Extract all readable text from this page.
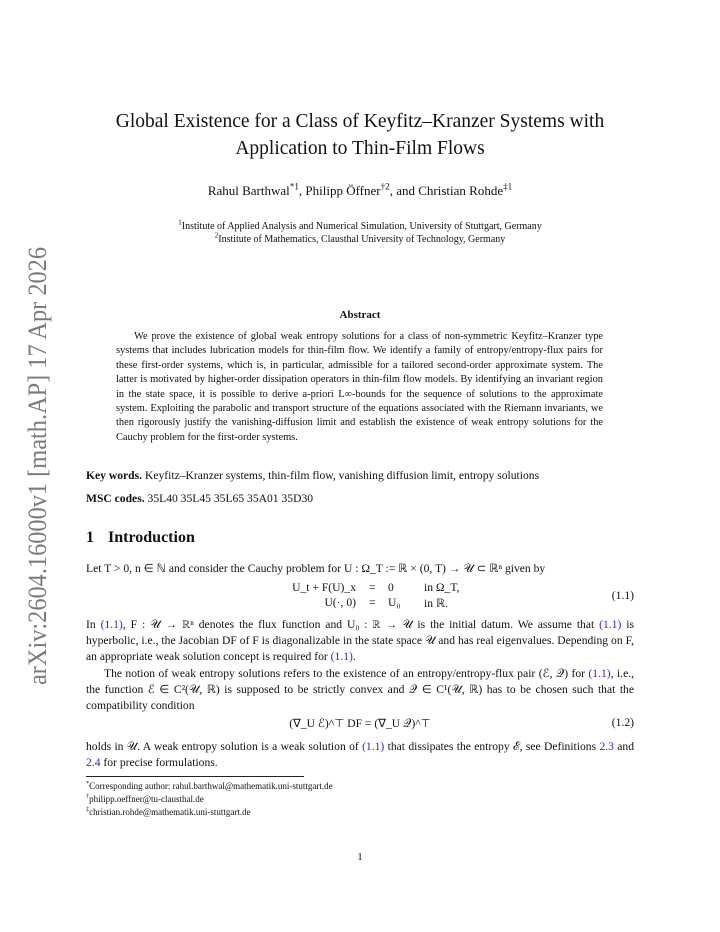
arXiv:2604.16000v1 [math.AP] 17 Apr 2026
Global Existence for a Class of Keyfitz–Kranzer Systems with
Application to Thin-Film Flows
Rahul Barthwal$^{*1}$, Philipp Öffner$^{\dagger 2}$, and Christian Rohde$^{\ddagger 1}$
$^1$Institute of Applied Analysis and Numerical Simulation, University of Stuttgart, Germany
$^2$Institute of Mathematics, Clausthal University of Technology, Germany
Abstract

We prove the existence of global weak entropy solutions for a class of non-symmetric Keyfitz–Kranzer type systems that includes lubrication models for thin-film flow. We identify a family of entropy/entropy-flux pairs for these first-order systems, which is, in particular, admissible for a tailored second-order approximate system. The latter is motivated by higher-order dissipation operators in thin-film flow models. By identifying an invariant region in the state space, it is possible to derive a-priori L∞-bounds for the sequence of solutions to the approximate system. Exploiting the parabolic and transport structure of the equations associated with the Riemann invariants, we then rigorously justify the vanishing-diffusion limit and establish the existence of weak entropy solutions for the Cauchy problem for the first-order systems.

Key words. Keyfitz–Kranzer systems, thin-film flow, vanishing diffusion limit, entropy solutions
MSC codes. 35L40 35L45 35L65 35A01 35D30
1 Introduction

Let T > 0, n ∈ ℕ and consider the Cauchy problem for U : Ω_T := ℝ × (0, T) → 𝒰 ⊂ ℝⁿ given by

U_t + F(U)_x = 0	in Ω_T,
U(·, 0) = U₀ in ℝ.
(1.1)

In (1.1), F : 𝒰 → ℝⁿ denotes the flux function and U₀ : ℝ → 𝒰 is the initial datum. We assume that (1.1) is hyperbolic, i.e., the Jacobian DF of F is diagonalizable in the state space 𝒰 and has real eigenvalues. Depending on F, an appropriate weak solution concept is required for (1.1).

The notion of weak entropy solutions refers to the existence of an entropy/entropy-flux pair (ℰ, 𝒬) for (1.1), i.e., the function ℰ ∈ C²(𝒰, ℝ) is supposed to be strictly convex and 𝒬 ∈ C¹(𝒰, ℝ) has to be chosen such that the compatibility condition

(∇_U ℰ)^⊤ DF = (∇_U 𝒬)^⊤	(1.2)

holds in 𝒰. A weak entropy solution is a weak solution of (1.1) that dissipates the entropy ℰ, see Definitions 2.3 and 2.4 for precise formulations.

*Corresponding author: rahul.barthwal@mathematik.uni-stuttgart.de
†philipp.oeffner@tu-clausthal.de
‡christian.rohde@mathematik.uni-stuttgart.de
1
